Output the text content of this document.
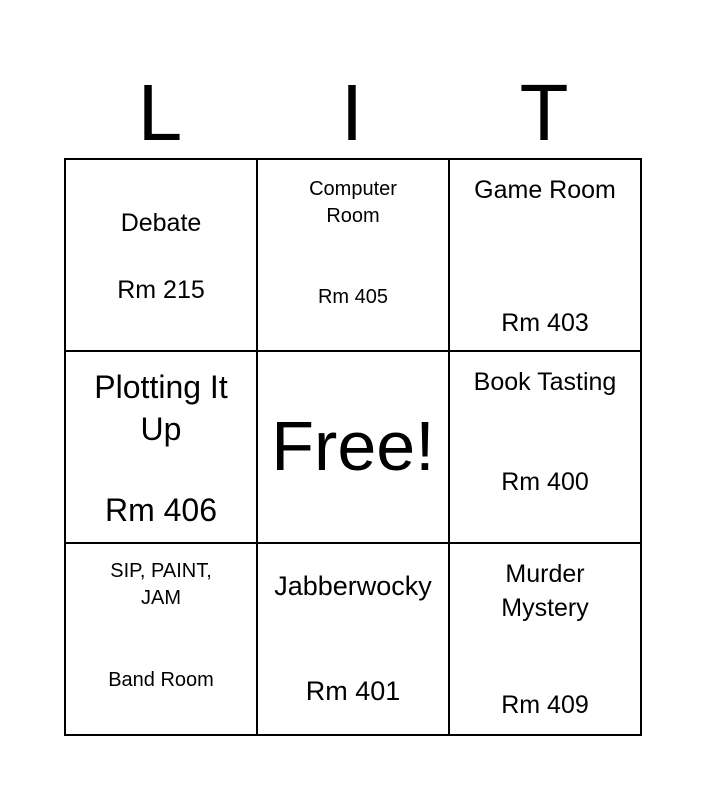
L	I	T
Debate
Rm 215
Computer Room
Rm 405
Game Room
Rm 403
Plotting It Up
Rm 406
Free!
Book Tasting
Rm 400
SIP, PAINT, JAM
Band Room
Jabberwocky
Rm 401
Murder Mystery
Rm 409
